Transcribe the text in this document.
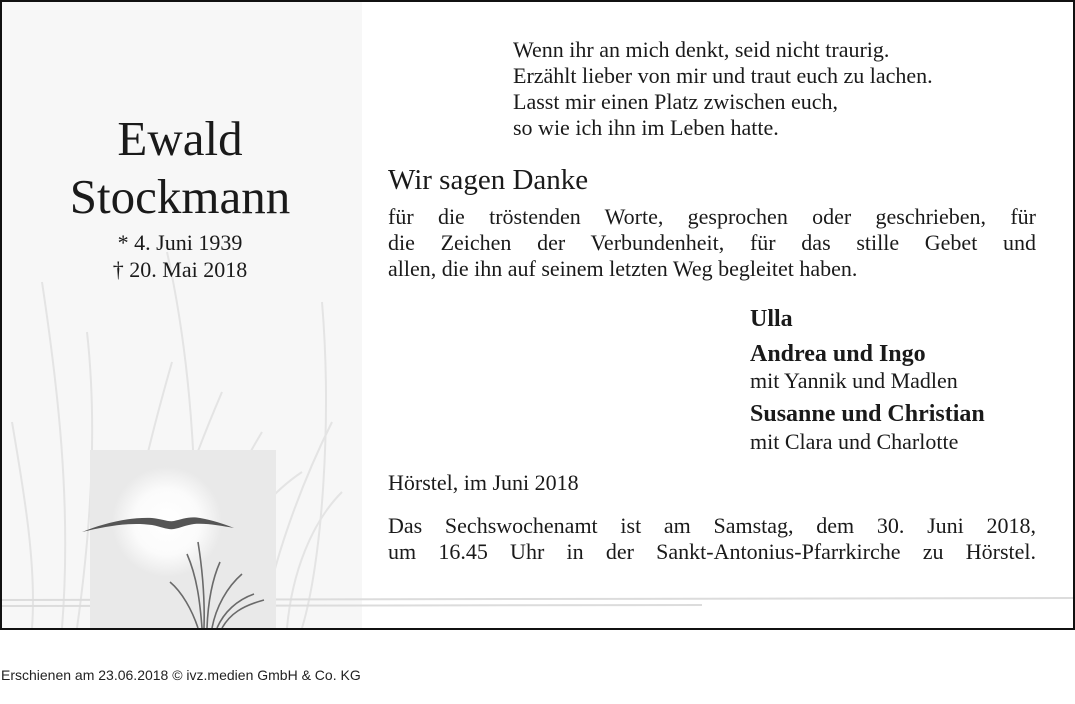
Ewald
Stockmann
* 4. Juni 1939
† 20. Mai 2018
Wenn ihr an mich denkt, seid nicht traurig.
Erzählt lieber von mir und traut euch zu lachen.
Lasst mir einen Platz zwischen euch,
so wie ich ihn im Leben hatte.
Wir sagen Danke
für die tröstenden Worte, gesprochen oder geschrieben, für
die Zeichen der Verbundenheit, für das stille Gebet und
allen, die ihn auf seinem letzten Weg begleitet haben.
Ulla
Andrea und Ingo
mit Yannik und Madlen
Susanne und Christian
mit Clara und Charlotte
Hörstel, im Juni 2018
Das Sechswochenamt ist am Samstag, dem 30. Juni 2018,
um 16.45 Uhr in der Sankt-Antonius-Pfarrkirche zu Hörstel.
Erschienen am 23.06.2018 © ivz.medien GmbH & Co. KG
